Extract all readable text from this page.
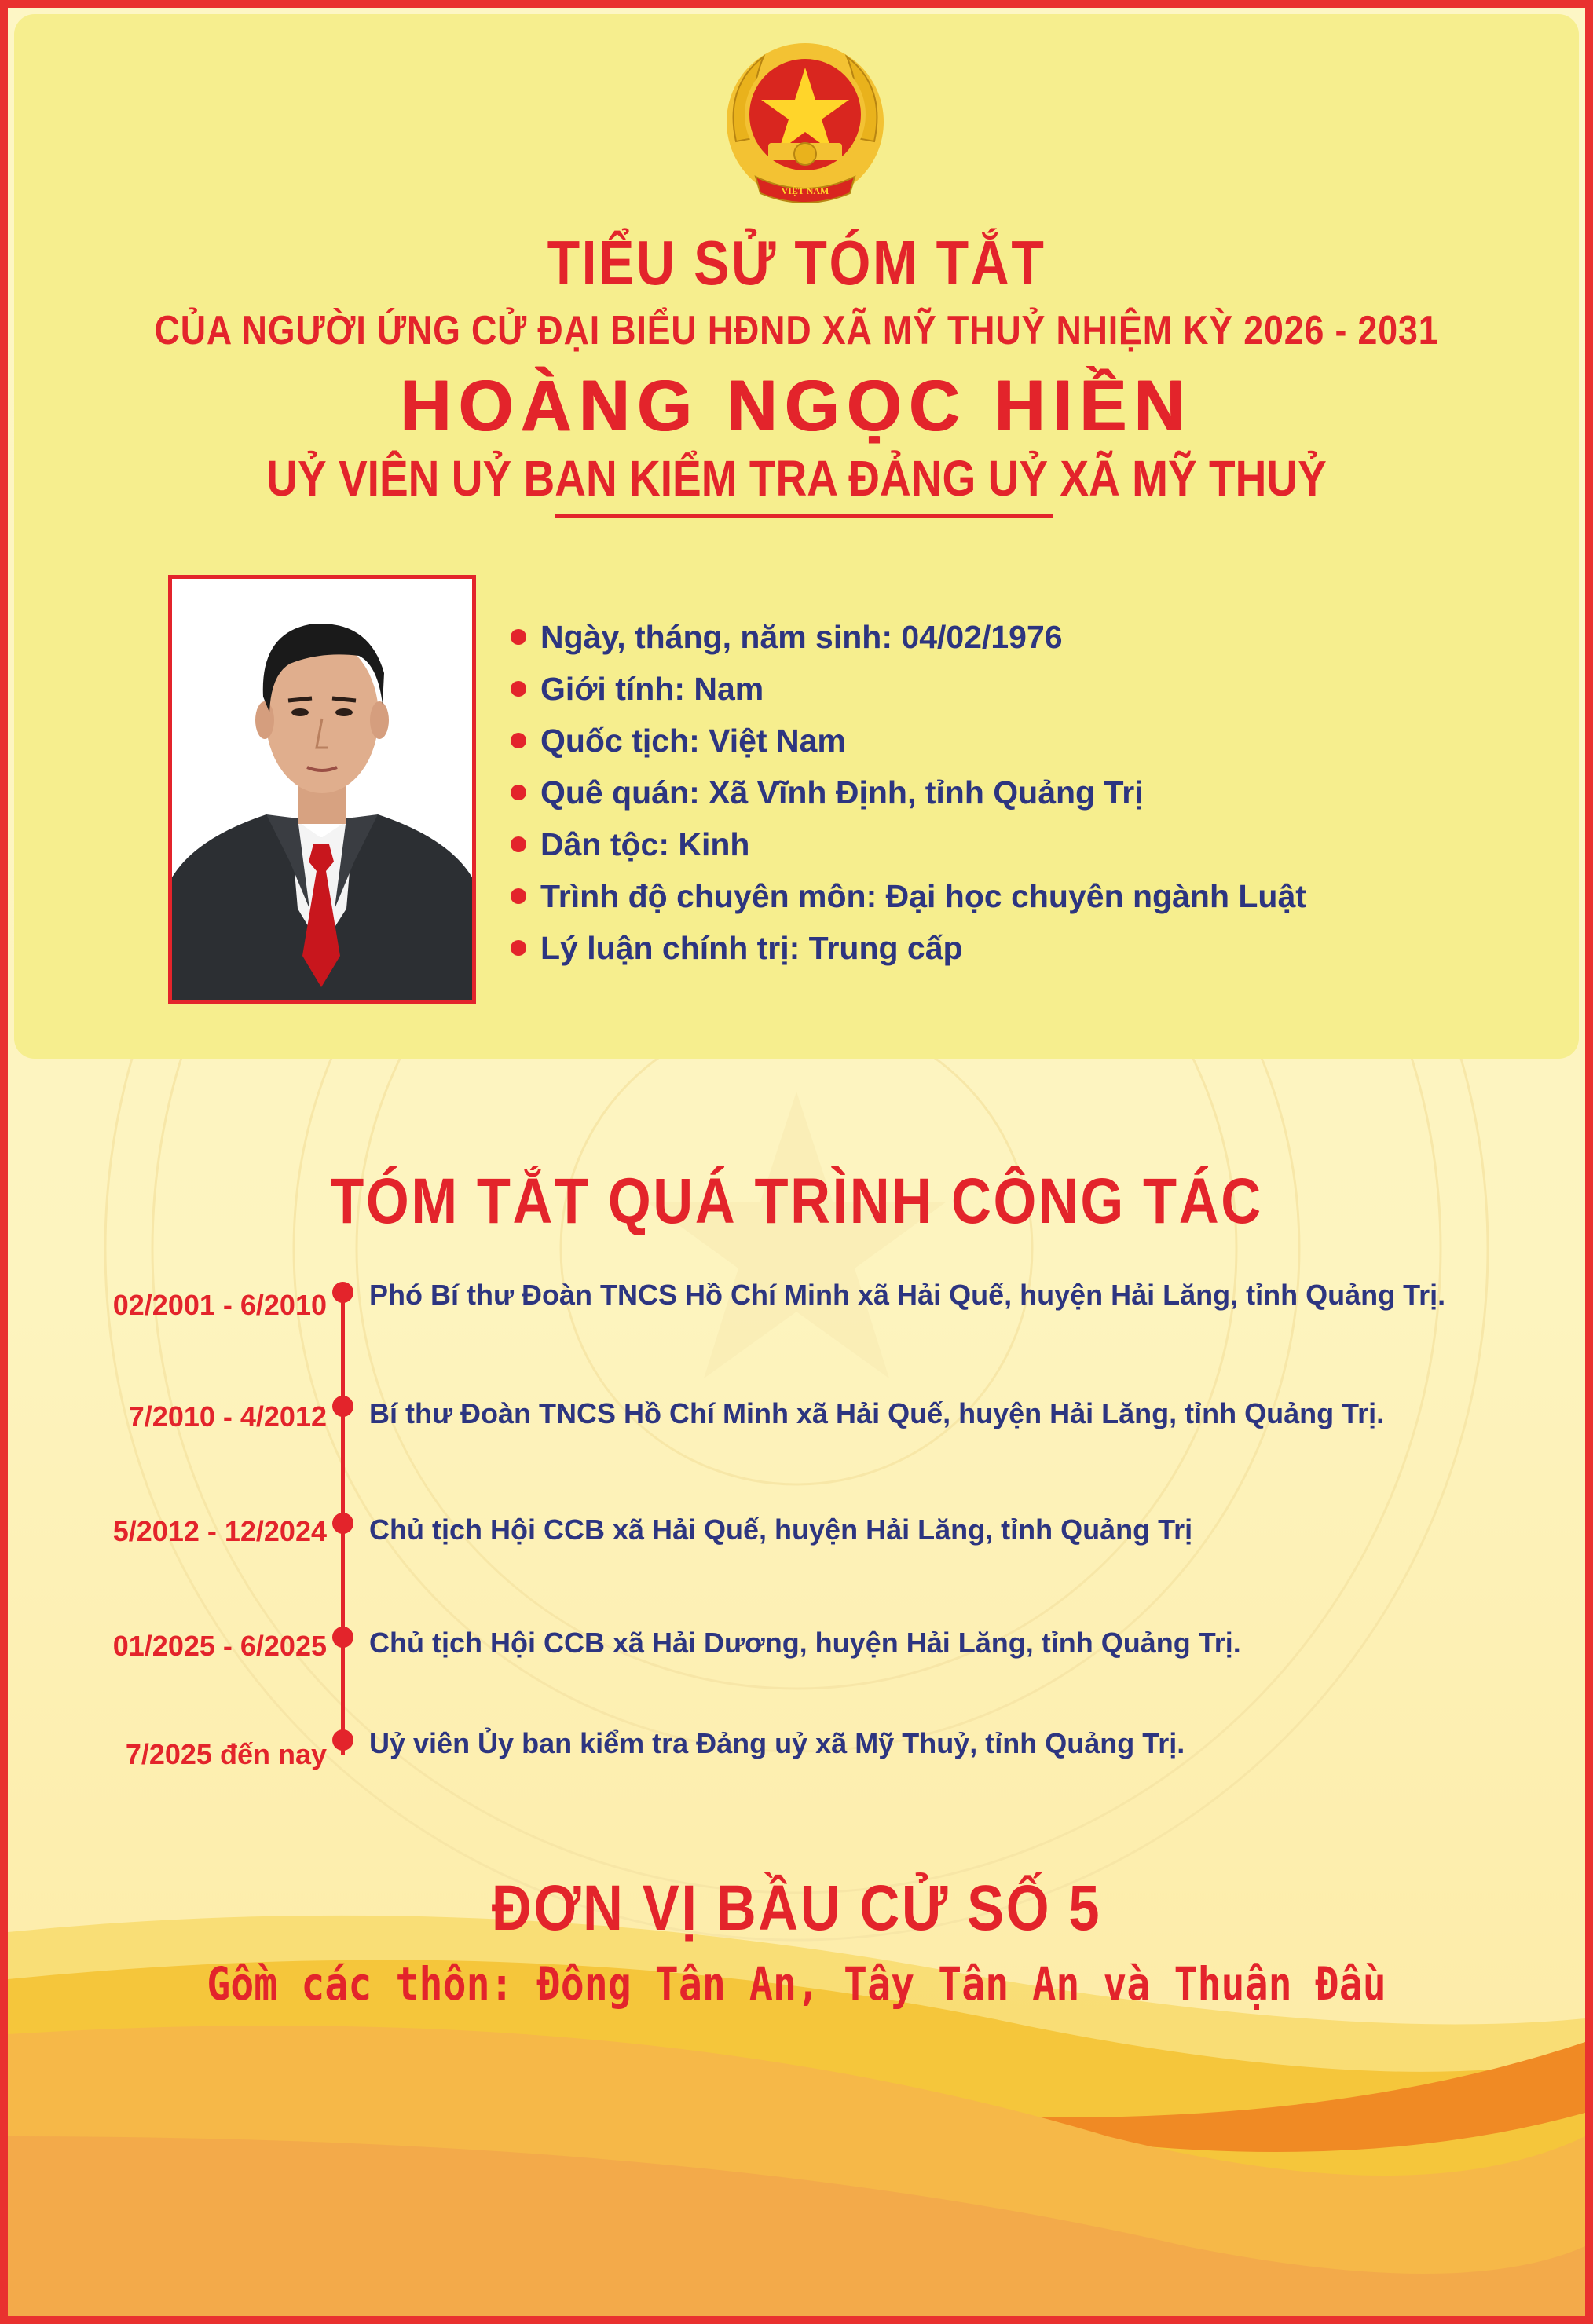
VIỆT NAM
TIỂU SỬ TÓM TẮT
CỦA NGƯỜI ỨNG CỬ ĐẠI BIỂU HĐND XÃ MỸ THUỶ NHIỆM KỲ 2026 - 2031
HOÀNG NGỌC HIỀN
UỶ VIÊN UỶ BAN KIỂM TRA ĐẢNG UỶ XÃ MỸ THUỶ
Ngày, tháng, năm sinh: 04/02/1976
Giới tính: Nam
Quốc tịch: Việt Nam
Quê quán: Xã Vĩnh Định, tỉnh Quảng Trị
Dân tộc: Kinh
Trình độ chuyên môn: Đại học chuyên ngành Luật
Lý luận chính trị: Trung cấp
TÓM TẮT QUÁ TRÌNH CÔNG TÁC
02/2001 - 6/2010 Phó Bí thư Đoàn TNCS Hồ Chí Minh xã Hải Quế, huyện Hải Lăng, tỉnh Quảng Trị.
7/2010 - 4/2012 Bí thư Đoàn TNCS Hồ Chí Minh xã Hải Quế, huyện Hải Lăng, tỉnh Quảng Trị.
5/2012 - 12/2024 Chủ tịch Hội CCB xã Hải Quế, huyện Hải Lăng, tỉnh Quảng Trị
01/2025 - 6/2025 Chủ tịch Hội CCB xã Hải Dương, huyện Hải Lăng, tỉnh Quảng Trị.
7/2025 đến nay Uỷ viên Ủy ban kiểm tra Đảng uỷ xã Mỹ Thuỷ, tỉnh Quảng Trị.
ĐƠN VỊ BẦU CỬ SỐ 5
Gồm các thôn: Đông Tân An, Tây Tân An và Thuận Đầu
